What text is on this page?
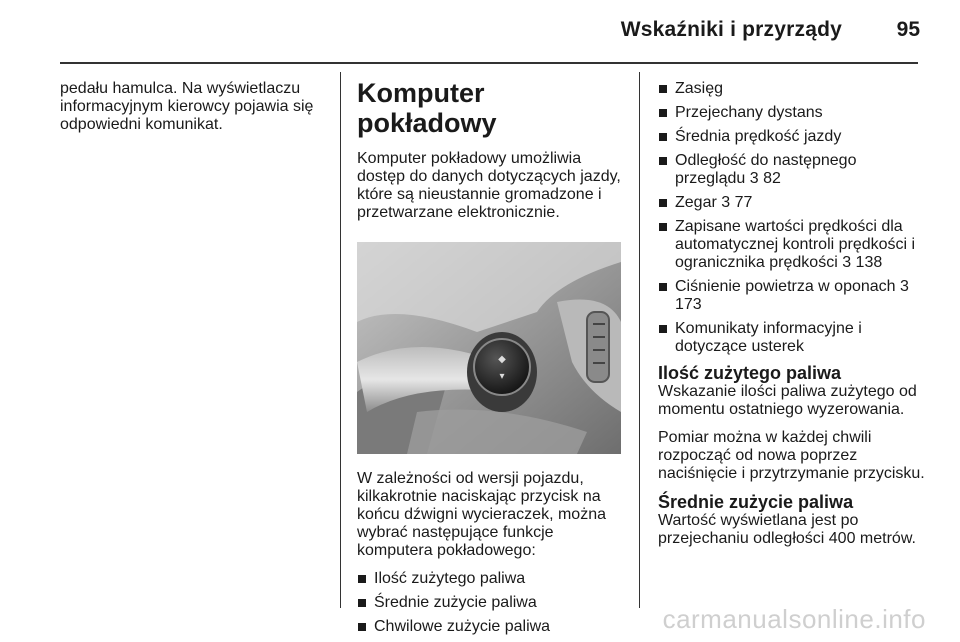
Wskaźniki i przyrządy	95

pedału hamulca. Na wyświetlaczu informacyjnym kierowcy pojawia się odpowiedni komunikat.

Komputer pokładowy

Komputer pokładowy umożliwia dostęp do danych dotyczących jazdy, które są nieustannie gromadzone i przetwarzane elektronicznie.

◆
▾

W zależności od wersji pojazdu, kilkakrotnie naciskając przycisk na końcu dźwigni wycieraczek, można wybrać następujące funkcje komputera pokładowego:

Ilość zużytego paliwa
Średnie zużycie paliwa
Chwilowe zużycie paliwa
Zasięg
Przejechany dystans
Średnia prędkość jazdy
Odległość do następnego przeglądu 3 82
Zegar 3 77
Zapisane wartości prędkości dla automatycznej kontroli prędkości i ogranicznika prędkości 3 138
Ciśnienie powietrza w oponach 3 173
Komunikaty informacyjne i dotyczące usterek
Ilość zużytego paliwa

Wskazanie ilości paliwa zużytego od momentu ostatniego wyzerowania.

Pomiar można w każdej chwili rozpocząć od nowa poprzez naciśnięcie i przytrzymanie przycisku.

Średnie zużycie paliwa

Wartość wyświetlana jest po przejechaniu odległości 400 metrów.

carmanualsonline.info
